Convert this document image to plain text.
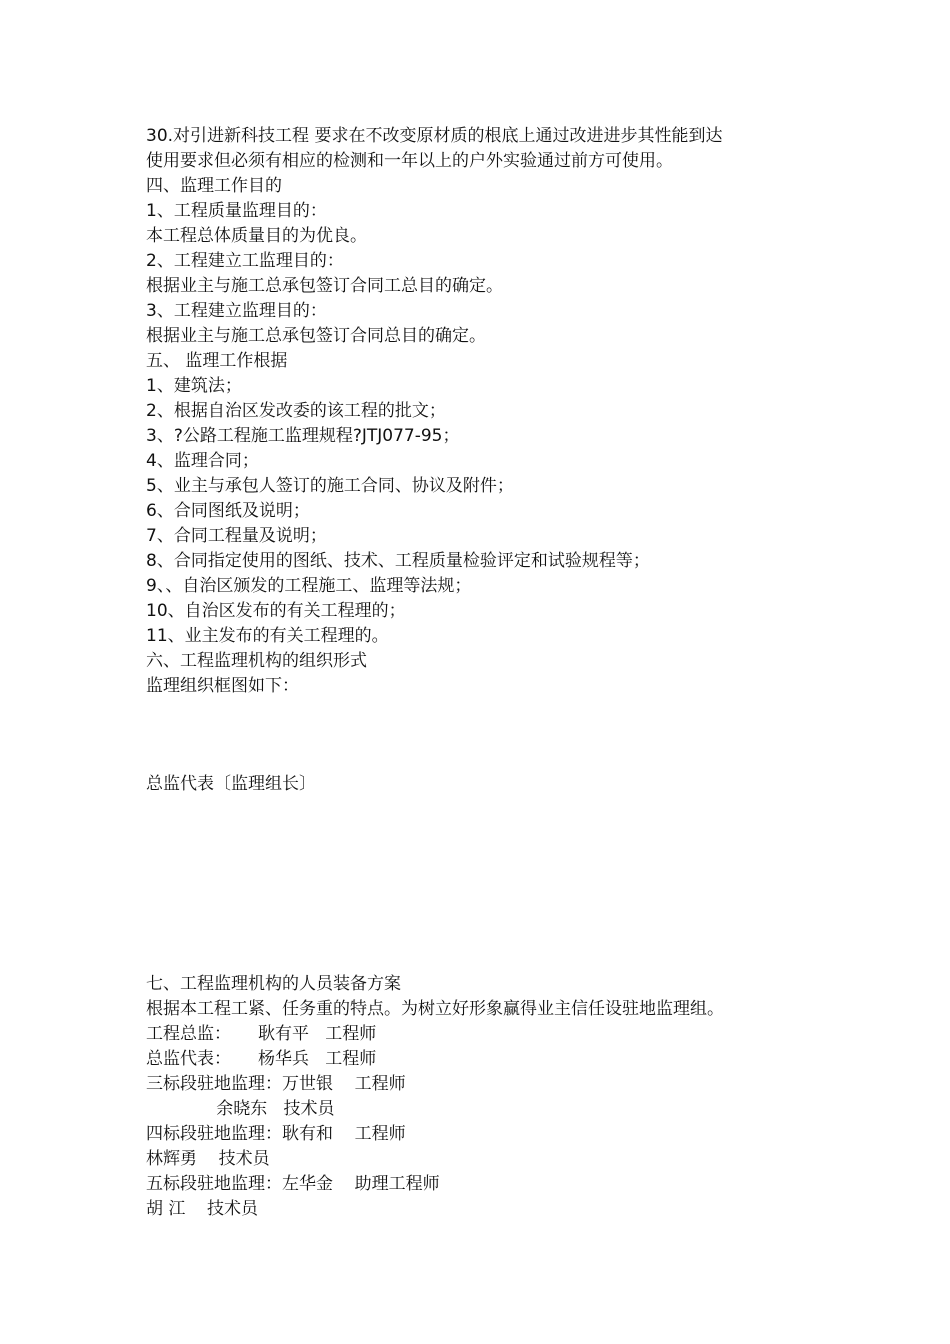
30.对引进新科技工程 要求在不改变原材质的根底上通过改进进步其性能到达
使用要求但必须有相应的检测和一年以上的户外实验通过前方可使用。
四、监理工作目的
1、工程质量监理目的：
本工程总体质量目的为优良。
2、工程建立工监理目的：
根据业主与施工总承包签订合同工总目的确定。
3、工程建立监理目的：
根据业主与施工总承包签订合同总目的确定。
五、 监理工作根据
1、建筑法；
2、根据自治区发改委的该工程的批文；
3、?公路工程施工监理规程?JTJ077-95；
4、监理合同；
5、业主与承包人签订的施工合同、协议及附件；
6、合同图纸及说明；
7、合同工程量及说明；
8、合同指定使用的图纸、技术、工程质量检验评定和试验规程等；
9、、自治区颁发的工程施工、监理等法规；
10、自治区发布的有关工程理的；
11、业主发布的有关工程理的。
六、工程监理机构的组织形式
监理组织框图如下：
总监代表〔监理组长〕
七、工程监理机构的人员装备方案
根据本工程工紧、任务重的特点。为树立好形象赢得业主信任设驻地监理组。
工程总监：     耿有平   工程师
总监代表：     杨华兵   工程师
三标段驻地监理：万世银    工程师
余晓东   技术员
四标段驻地监理：耿有和    工程师
林辉勇    技术员
五标段驻地监理：左华金    助理工程师
胡 江    技术员
